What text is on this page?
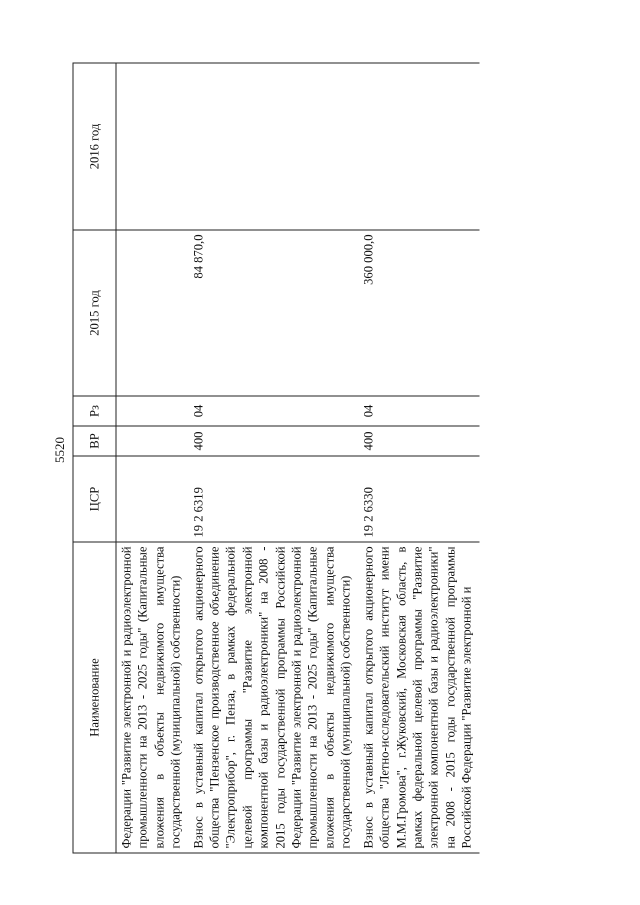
5520
Наименование	ЦСР	ВР	Рз	2015 год	2016 год
Федерации "Развитие электронной и радиоэлектронной промышленности на 2013 - 2025 годы" (Капитальные вложения в объекты недвижимого имущества государственной (муниципальной) собственности)					
Взнос в уставный капитал открытого акционерного общества "Пензенское производственное объединение "Электроприбор", г. Пенза, в рамках федеральной целевой программы "Развитие электронной компонентной базы и радиоэлектроники" на 2008 - 2015 годы государственной программы Российской Федерации "Развитие электронной и радиоэлектронной промышленности на 2013 - 2025 годы" (Капитальные вложения в объекты недвижимого имущества государственной (муниципальной) собственности)	19 2 6319	400	04	84 870,0	
Взнос в уставный капитал открытого акционерного общества "Летно-исследовательский институт имени М.М.Громова", г.Жуковский, Московская область, в рамках федеральной целевой программы "Развитие электронной компонентной базы и радиоэлектроники" на 2008 - 2015 годы государственной программы Российской Федерации "Развитие электронной и	19 2 6330	400	04	360 000,0	
